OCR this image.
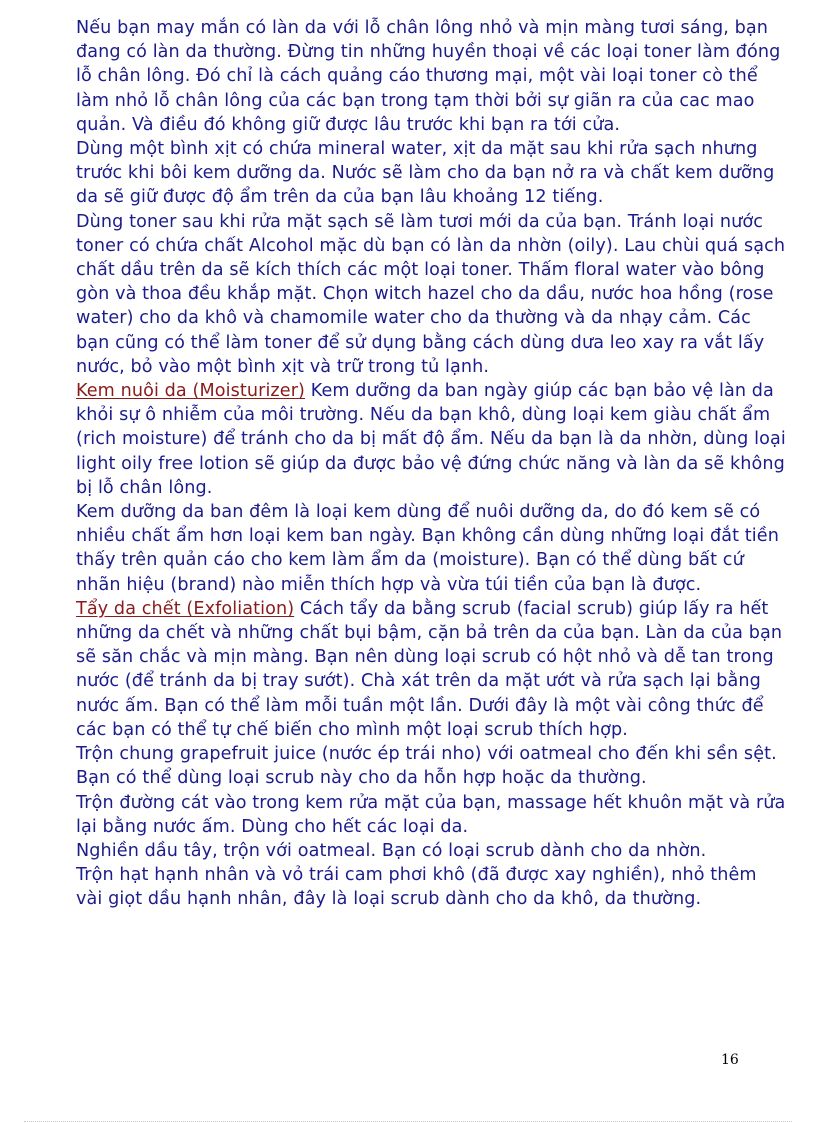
Nếu bạn may mắn có làn da với lỗ chân lông nhỏ và mịn màng tươi sáng, bạn đang có làn da thường. Đừng tin những huyền thoại về các loại toner làm đóng lỗ chân lông. Đó chỉ là cách quảng cáo thương mại, một vài loại toner cò thể làm nhỏ lỗ chân lông của các bạn trong tạm thời bởi sự giãn ra của cac mao quản. Và điều đó không giữ được lâu trước khi bạn ra tới cửa.

Dùng một bình xịt có chứa mineral water, xịt da mặt sau khi rửa sạch nhưng trước khi bôi kem dưỡng da. Nước sẽ làm cho da bạn nở ra và chất kem dưỡng da sẽ giữ được độ ẩm trên da của bạn lâu khoảng 12 tiếng.

Dùng toner sau khi rửa mặt sạch sẽ làm tươi mới da của bạn. Tránh loại nước toner có chứa chất Alcohol mặc dù bạn có làn da nhờn (oily). Lau chùi quá sạch chất dầu trên da sẽ kích thích các một loại toner. Thấm floral water vào bông gòn và thoa đều khắp mặt. Chọn witch hazel cho da dầu, nước hoa hồng (rose water) cho da khô và chamomile water cho da thường và da nhạy cảm. Các bạn cũng có thể làm toner để sử dụng bằng cách dùng dưa leo xay ra vắt lấy nước, bỏ vào một bình xịt và trữ trong tủ lạnh.

Kem nuôi da (Moisturizer) Kem dưỡng da ban ngày giúp các bạn bảo vệ làn da khỏi sự ô nhiễm của môi trường. Nếu da bạn khô, dùng loại kem giàu chất ẩm (rich moisture) để tránh cho da bị mất độ ẩm. Nếu da bạn là da nhờn, dùng loại light oily free lotion sẽ giúp da được bảo vệ đứng chức năng và làn da sẽ không bị lỗ chân lông.

Kem dưỡng da ban đêm là loại kem dùng để nuôi dưỡng da, do đó kem sẽ có nhiều chất ẩm hơn loại kem ban ngày. Bạn không cần dùng những loại đắt tiền thấy trên quản cáo cho kem làm ẩm da (moisture). Bạn có thể dùng bất cứ nhãn hiệu (brand) nào miễn thích hợp và vừa túi tiền của bạn là được.

Tẩy da chết (Exfoliation) Cách tẩy da bằng scrub (facial scrub) giúp lấy ra hết những da chết và những chất bụi bậm, cặn bả trên da của bạn. Làn da của bạn sẽ săn chắc và mịn màng. Bạn nên dùng loại scrub có hột nhỏ và dễ tan trong nước (để tránh da bị tray sướt). Chà xát trên da mặt ướt và rửa sạch lại bằng nước ấm. Bạn có thể làm mỗi tuần một lần. Dưới đây là một vài công thức để các bạn có thể tự chế biến cho mình một loại scrub thích hợp.

Trộn chung grapefruit juice (nước ép trái nho) với oatmeal cho đến khi sền sệt. Bạn có thể dùng loại scrub này cho da hỗn hợp hoặc da thường.

Trộn đường cát vào trong kem rửa mặt của bạn, massage hết khuôn mặt và rửa lại bằng nước ấm. Dùng cho hết các loại da.

Nghiền dầu tây, trộn với oatmeal. Bạn có loại scrub dành cho da nhờn.

Trộn hạt hạnh nhân và vỏ trái cam phơi khô (đã được xay nghiền), nhỏ thêm vài giọt dầu hạnh nhân, đây là loại scrub dành cho da khô, da thường.

16
